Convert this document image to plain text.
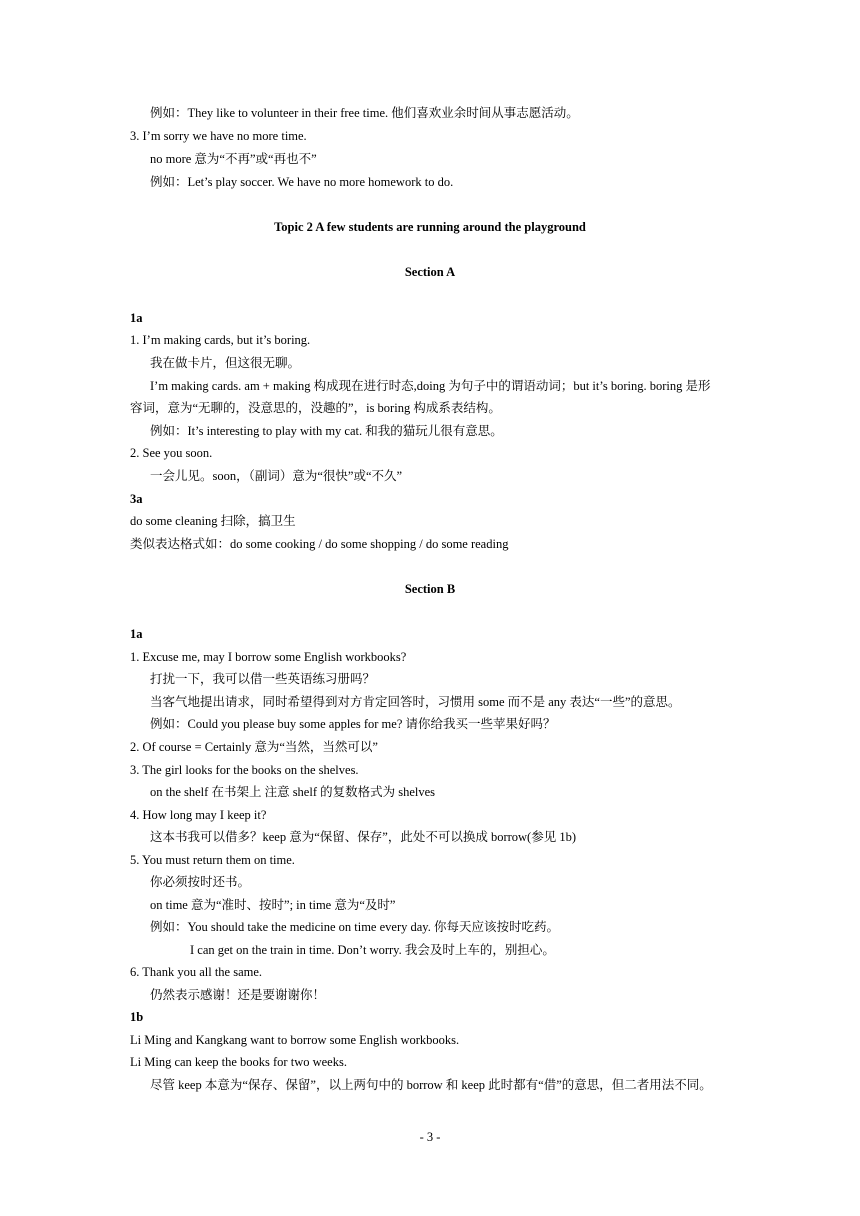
例如：They like to volunteer in their free time. 他们喜欢业余时间从事志愿活动。
3. I’m sorry we have no more time.
no more 意为“不再”或“再也不”
例如：Let’s play soccer. We have no more homework to do.
Topic 2 A few students are running around the playground
Section A
1a
1. I’m making cards, but it’s boring.
我在做卡片，但这很无聊。
I’m making cards. am + making 构成现在进行时态,doing 为句子中的谓语动词；but it’s boring. boring 是形
容词，意为“无聊的，没意思的，没趣的”，is boring 构成系表结构。
例如：It’s interesting to play with my cat. 和我的猫玩儿很有意思。
2. See you soon.
一会儿见。soon，（副词）意为“很快”或“不久”
3a
do some cleaning 扫除，搞卫生
类似表达格式如：do some cooking / do some shopping / do some reading
Section B
1a
1. Excuse me, may I borrow some English workbooks?
打扰一下，我可以借一些英语练习册吗？
当客气地提出请求，同时希望得到对方肯定回答时，习惯用 some 而不是 any 表达“一些”的意思。
例如：Could you please buy some apples for me? 请你给我买一些苹果好吗？
2. Of course = Certainly 意为“当然，当然可以”
3. The girl looks for the books on the shelves.
on the shelf 在书架上 注意 shelf 的复数格式为 shelves
4. How long may I keep it?
这本书我可以借多？keep 意为“保留、保存”，此处不可以换成 borrow(参见 1b)
5. You must return them on time.
你必须按时还书。
on time 意为“准时、按时”; in time 意为“及时”
例如：You should take the medicine on time every day. 你每天应该按时吃药。
I can get on the train in time. Don’t worry. 我会及时上车的，别担心。
6. Thank you all the same.
仍然表示感谢！还是要谢谢你！
1b
Li Ming and Kangkang want to borrow some English workbooks.
Li Ming can keep the books for two weeks.
尽管 keep 本意为“保存、保留”，以上两句中的 borrow 和 keep 此时都有“借”的意思，但二者用法不同。
- 3 -
